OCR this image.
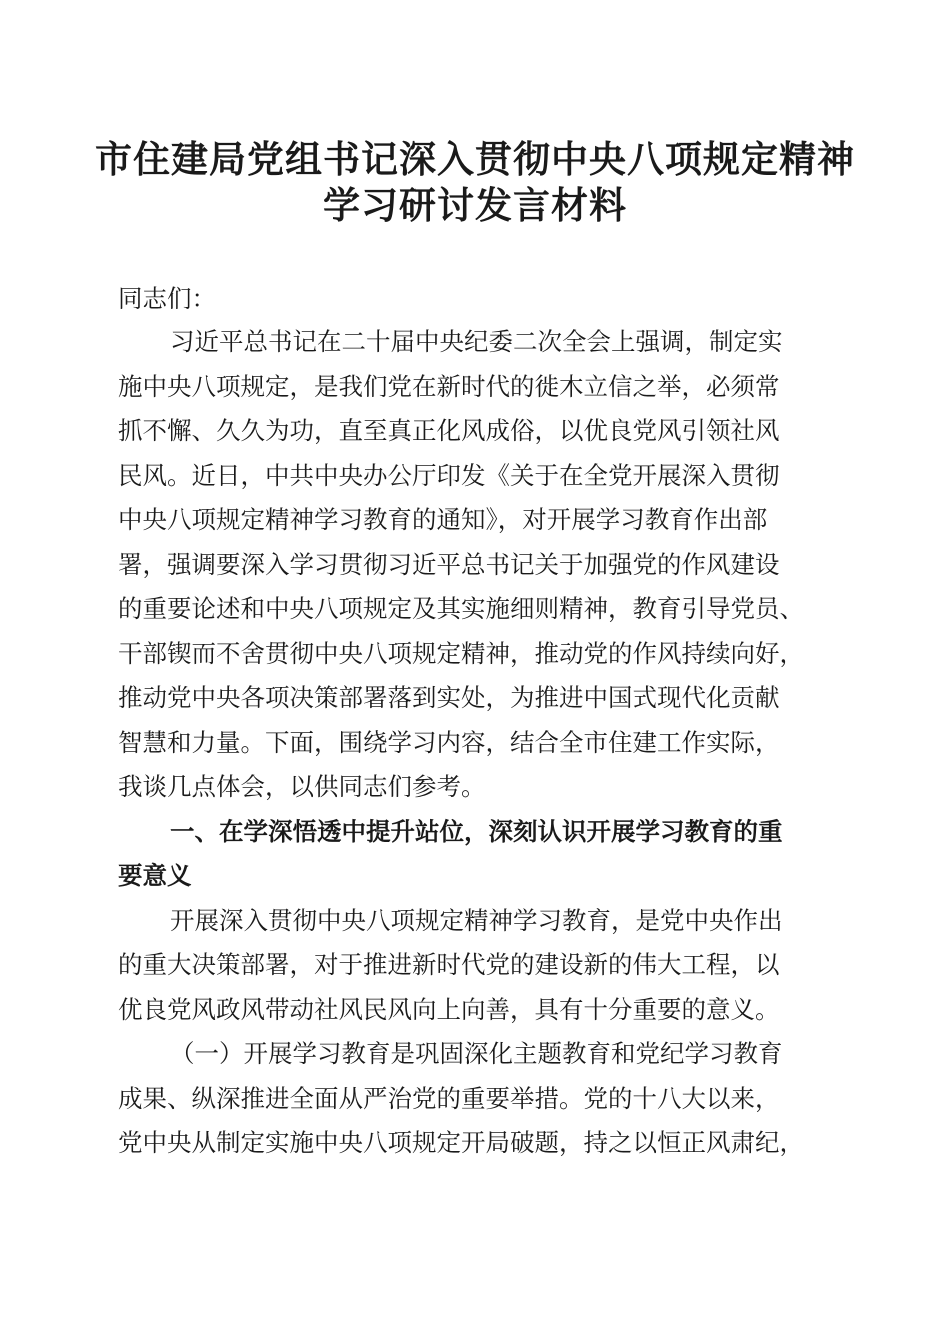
市住建局党组书记深入贯彻中央八项规定精神
学习研讨发言材料

同志们：

习近平总书记在二十届中央纪委二次全会上强调，制定实

施中央八项规定，是我们党在新时代的徙木立信之举，必须常

抓不懈、久久为功，直至真正化风成俗，以优良党风引领社风

民风。近日，中共中央办公厅印发《关于在全党开展深入贯彻

中央八项规定精神学习教育的通知》，对开展学习教育作出部

署，强调要深入学习贯彻习近平总书记关于加强党的作风建设

的重要论述和中央八项规定及其实施细则精神，教育引导党员、

干部锲而不舍贯彻中央八项规定精神，推动党的作风持续向好，

推动党中央各项决策部署落到实处，为推进中国式现代化贡献

智慧和力量。下面，围绕学习内容，结合全市住建工作实际，

我谈几点体会，以供同志们参考。

一、在学深悟透中提升站位，深刻认识开展学习教育的重

要意义

开展深入贯彻中央八项规定精神学习教育，是党中央作出

的重大决策部署，对于推进新时代党的建设新的伟大工程，以

优良党风政风带动社风民风向上向善，具有十分重要的意义。

（一）开展学习教育是巩固深化主题教育和党纪学习教育

成果、纵深推进全面从严治党的重要举措。党的十八大以来，

党中央从制定实施中央八项规定开局破题，持之以恒正风肃纪，
